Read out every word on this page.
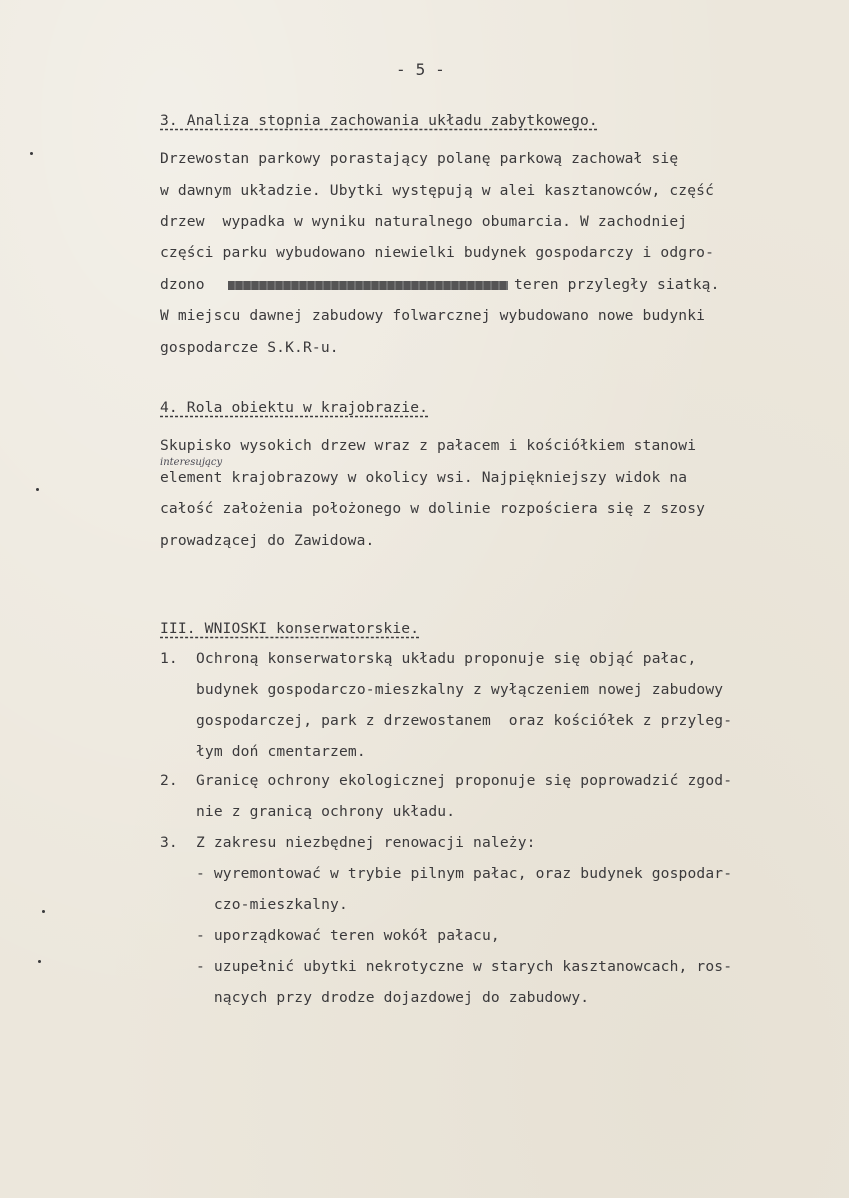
- 5 -
3. Analiza stopnia zachowania układu zabytkowego.
Drzewostan parkowy porastający polanę parkową zachował się
w dawnym układzie. Ubytki występują w alei kasztanowców, część
drzew  wypadka w wyniku naturalnego obumarcia. W zachodniej
części parku wybudowano niewielki budynek gospodarczy i odgro-
dzono	teren przyległy siatką.
W miejscu dawnej zabudowy folwarcznej wybudowano nowe budynki
gospodarcze S.K.R-u.
4. Rola obiektu w krajobrazie.
Skupisko wysokich drzew wraz z pałacem i kościółkiem stanowi
interesujący
element krajobrazowy w okolicy wsi. Najpiękniejszy widok na
całość założenia położonego w dolinie rozpościera się z szosy
prowadzącej do Zawidowa.
III. WNIOSKI konserwatorskie.
1. Ochroną konserwatorską układu proponuje się objąć pałac,
budynek gospodarczo-mieszkalny z wyłączeniem nowej zabudowy
gospodarczej, park z drzewostanem  oraz kościółek z przyleg-
łym doń cmentarzem.
2. Granicę ochrony ekologicznej proponuje się poprowadzić zgod-
nie z granicą ochrony układu.
3. Z zakresu niezbędnej renowacji należy:
- wyremontować w trybie pilnym pałac, oraz budynek gospodar-
czo-mieszkalny.
- uporządkować teren wokół pałacu,
- uzupełnić ubytki nekrotyczne w starych kasztanowcach, ros-
nących przy drodze dojazdowej do zabudowy.
